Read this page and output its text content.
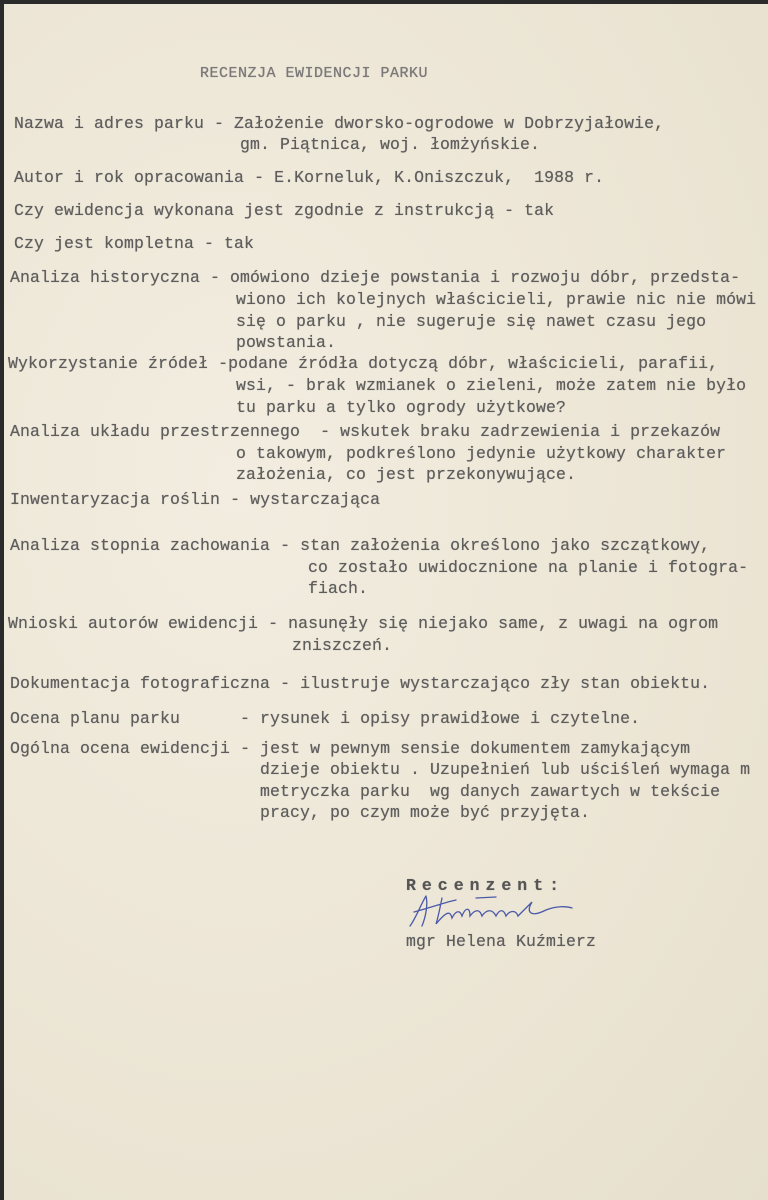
RECENZJA EWIDENCJI PARKU
Nazwa i adres parku - Założenie dworsko-ogrodowe w Dobrzyjałowie,
gm. Piątnica, woj. łomżyńskie.
Autor i rok opracowania - E.Korneluk, K.Oniszczuk,  1988 r.
Czy ewidencja wykonana jest zgodnie z instrukcją - tak
Czy jest kompletna - tak
Analiza historyczna - omówiono dzieje powstania i rozwoju dóbr, przedsta-
wiono ich kolejnych właścicieli, prawie nic nie mówi
się o parku , nie sugeruje się nawet czasu jego
powstania.
Wykorzystanie źródeł -podane źródła dotyczą dóbr, właścicieli, parafii,
wsi, - brak wzmianek o zieleni, może zatem nie było
tu parku a tylko ogrody użytkowe?
Analiza układu przestrzennego  - wskutek braku zadrzewienia i przekazów
o takowym, podkreślono jedynie użytkowy charakter
założenia, co jest przekonywujące.
Inwentaryzacja roślin - wystarczająca
Analiza stopnia zachowania - stan założenia określono jako szczątkowy,
co zostało uwidocznione na planie i fotogra-
fiach.
Wnioski autorów ewidencji - nasunęły się niejako same, z uwagi na ogrom
zniszczeń.
Dokumentacja fotograficzna - ilustruje wystarczająco zły stan obiektu.
Ocena planu parku      - rysunek i opisy prawidłowe i czytelne.
Ogólna ocena ewidencji - jest w pewnym sensie dokumentem zamykającym
dzieje obiektu . Uzupełnień lub uściśleń wymaga m
metryczka parku  wg danych zawartych w tekście
pracy, po czym może być przyjęta.
Recenzent:
mgr Helena Kuźmierz
